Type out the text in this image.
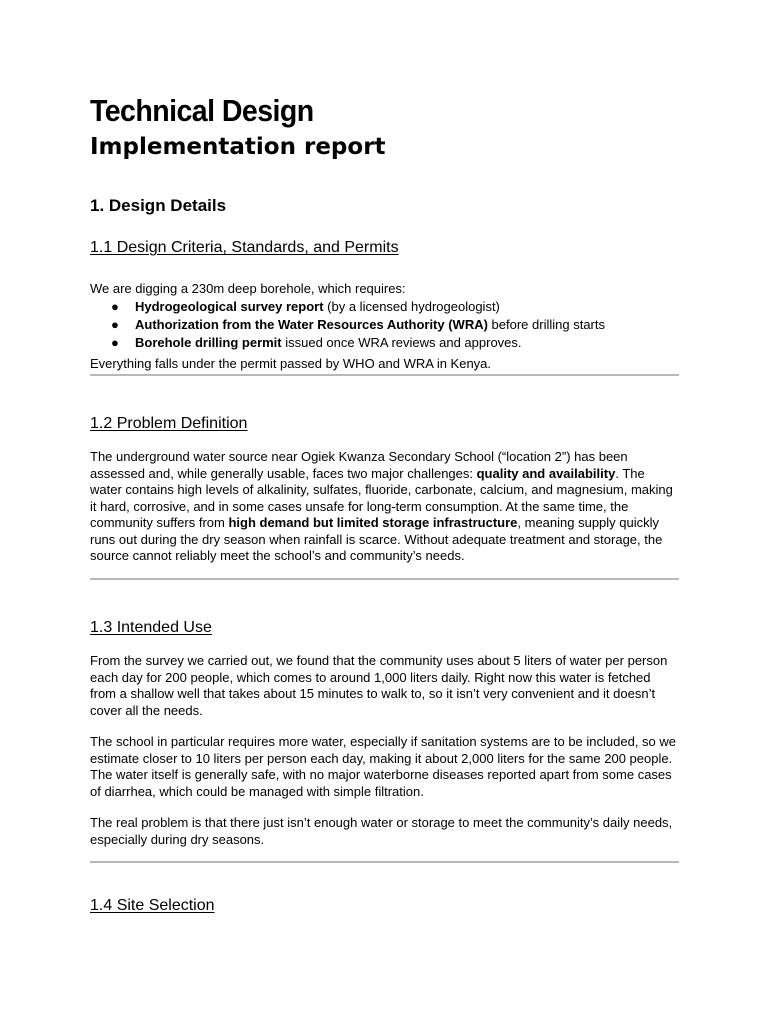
Technical Design
Implementation report
1. Design Details
1.1 Design Criteria, Standards, and Permits

We are digging a 230m deep borehole, which requires:

● Hydrogeological survey report (by a licensed hydrogeologist)
● Authorization from the Water Resources Authority (WRA) before drilling starts
● Borehole drilling permit issued once WRA reviews and approves.

Everything falls under the permit passed by WHO and WRA in Kenya.

1.2 Problem Definition

The underground water source near Ogiek Kwanza Secondary School (“location 2”) has been assessed and, while generally usable, faces two major challenges: quality and availability. The water contains high levels of alkalinity, sulfates, fluoride, carbonate, calcium, and magnesium, making it hard, corrosive, and in some cases unsafe for long-term consumption. At the same time, the community suffers from high demand but limited storage infrastructure, meaning supply quickly runs out during the dry season when rainfall is scarce. Without adequate treatment and storage, the source cannot reliably meet the school’s and community’s needs.

1.3 Intended Use

From the survey we carried out, we found that the community uses about 5 liters of water per person each day for 200 people, which comes to around 1,000 liters daily. Right now this water is fetched from a shallow well that takes about 15 minutes to walk to, so it isn’t very convenient and it doesn’t cover all the needs.

The school in particular requires more water, especially if sanitation systems are to be included, so we estimate closer to 10 liters per person each day, making it about 2,000 liters for the same 200 people. The water itself is generally safe, with no major waterborne diseases reported apart from some cases of diarrhea, which could be managed with simple filtration.

The real problem is that there just isn’t enough water or storage to meet the community’s daily needs, especially during dry seasons.

1.4 Site Selection
